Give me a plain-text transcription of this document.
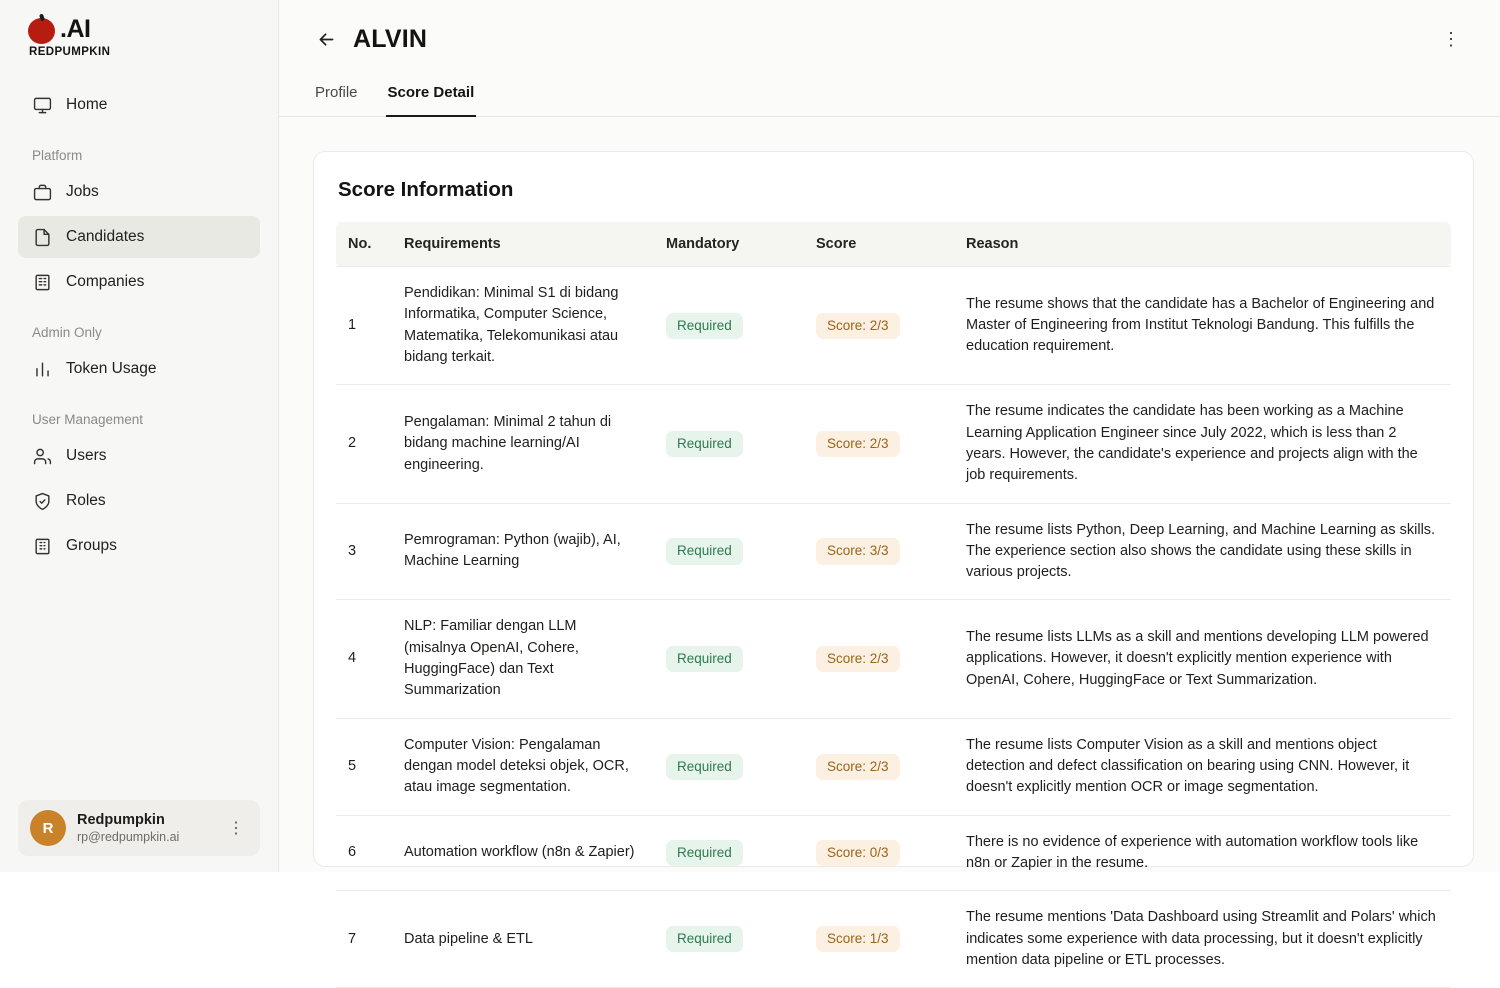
.AI
REDPUMPKIN
Home
Platform
Jobs
Candidates
Companies
Admin Only
Token Usage
User Management
Users
Roles
Groups
R	Redpumpkin
rp@redpumpkin.ai	⋮
ALVIN	⋮
Profile Score Detail
Score Information
No.	Requirements	Mandatory	Score	Reason
1	Pendidikan: Minimal S1 di bidang Informatika, Computer Science, Matematika, Telekomunikasi atau bidang terkait.	Required	Score: 2/3	The resume shows that the candidate has a Bachelor of Engineering and Master of Engineering from Institut Teknologi Bandung. This fulfills the education requirement.
2	Pengalaman: Minimal 2 tahun di bidang machine learning/AI engineering.	Required	Score: 2/3	The resume indicates the candidate has been working as a Machine Learning Application Engineer since July 2022, which is less than 2 years. However, the candidate's experience and projects align with the job requirements.
3	Pemrograman: Python (wajib), AI, Machine Learning	Required	Score: 3/3	The resume lists Python, Deep Learning, and Machine Learning as skills. The experience section also shows the candidate using these skills in various projects.
4	NLP: Familiar dengan LLM (misalnya OpenAI, Cohere, HuggingFace) dan Text Summarization	Required	Score: 2/3	The resume lists LLMs as a skill and mentions developing LLM powered applications. However, it doesn't explicitly mention experience with OpenAI, Cohere, HuggingFace or Text Summarization.
5	Computer Vision: Pengalaman dengan model deteksi objek, OCR, atau image segmentation.	Required	Score: 2/3	The resume lists Computer Vision as a skill and mentions object detection and defect classification on bearing using CNN. However, it doesn't explicitly mention OCR or image segmentation.
6	Automation workflow (n8n & Zapier)	Required	Score: 0/3	There is no evidence of experience with automation workflow tools like n8n or Zapier in the resume.
7	Data pipeline & ETL	Required	Score: 1/3	The resume mentions 'Data Dashboard using Streamlit and Polars' which indicates some experience with data processing, but it doesn't explicitly mention data pipeline or ETL processes.
